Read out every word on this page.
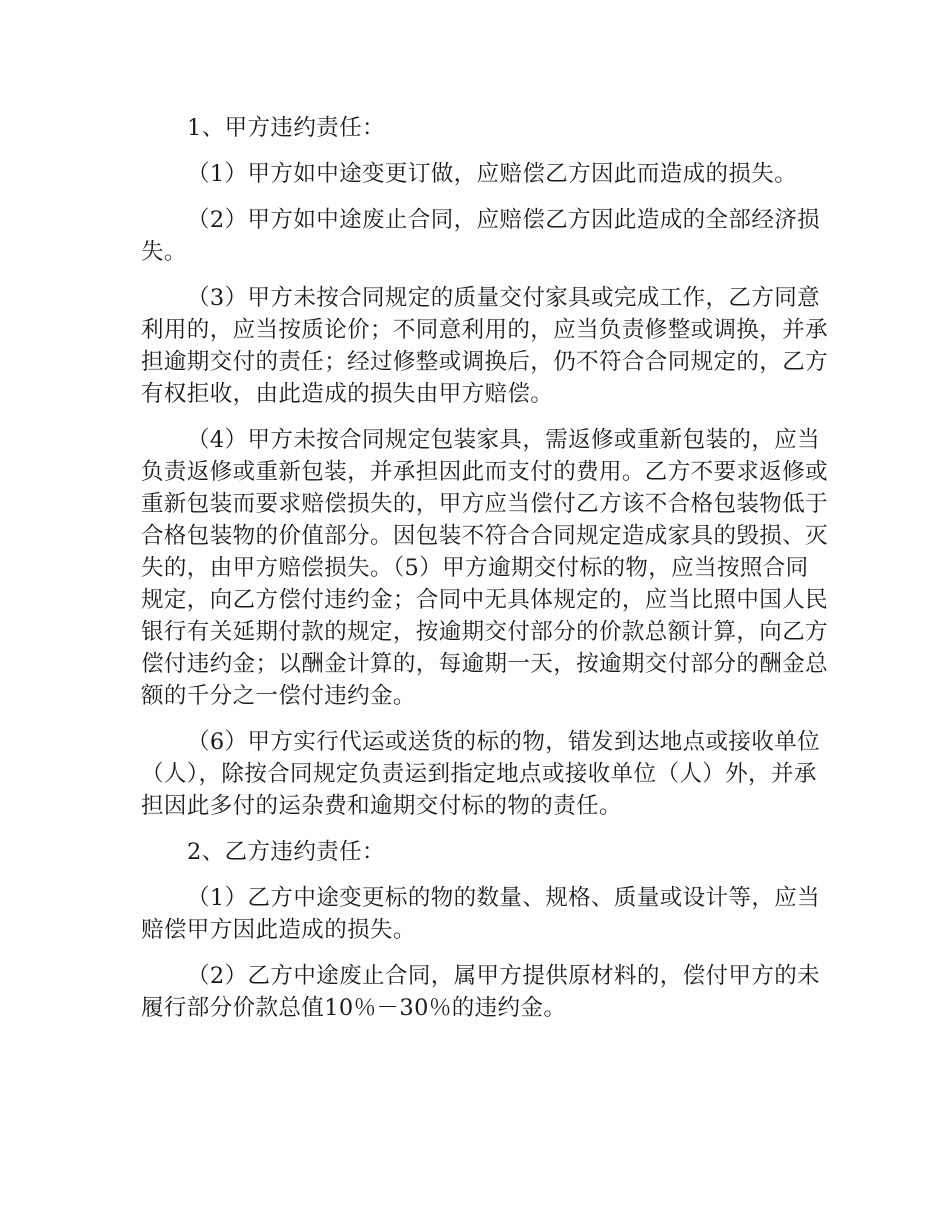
1、甲方违约责任：

（1）甲方如中途变更订做，应赔偿乙方因此而造成的损失。

（2）甲方如中途废止合同，应赔偿乙方因此造成的全部经济损失。

（3）甲方未按合同规定的质量交付家具或完成工作，乙方同意利用的，应当按质论价；不同意利用的，应当负责修整或调换，并承担逾期交付的责任；经过修整或调换后，仍不符合合同规定的，乙方有权拒收，由此造成的损失由甲方赔偿。

（4）甲方未按合同规定包装家具，需返修或重新包装的，应当负责返修或重新包装，并承担因此而支付的费用。乙方不要求返修或重新包装而要求赔偿损失的，甲方应当偿付乙方该不合格包装物低于合格包装物的价值部分。因包装不符合合同规定造成家具的毁损、灭失的，由甲方赔偿损失。（5）甲方逾期交付标的物，应当按照合同规定，向乙方偿付违约金；合同中无具体规定的，应当比照中国人民银行有关延期付款的规定，按逾期交付部分的价款总额计算，向乙方偿付违约金；以酬金计算的，每逾期一天，按逾期交付部分的酬金总额的千分之一偿付违约金。

（6）甲方实行代运或送货的标的物，错发到达地点或接收单位（人），除按合同规定负责运到指定地点或接收单位（人）外，并承担因此多付的运杂费和逾期交付标的物的责任。

2、乙方违约责任：

（1）乙方中途变更标的物的数量、规格、质量或设计等，应当赔偿甲方因此造成的损失。

（2）乙方中途废止合同，属甲方提供原材料的，偿付甲方的未履行部分价款总值10％－30％的违约金。
